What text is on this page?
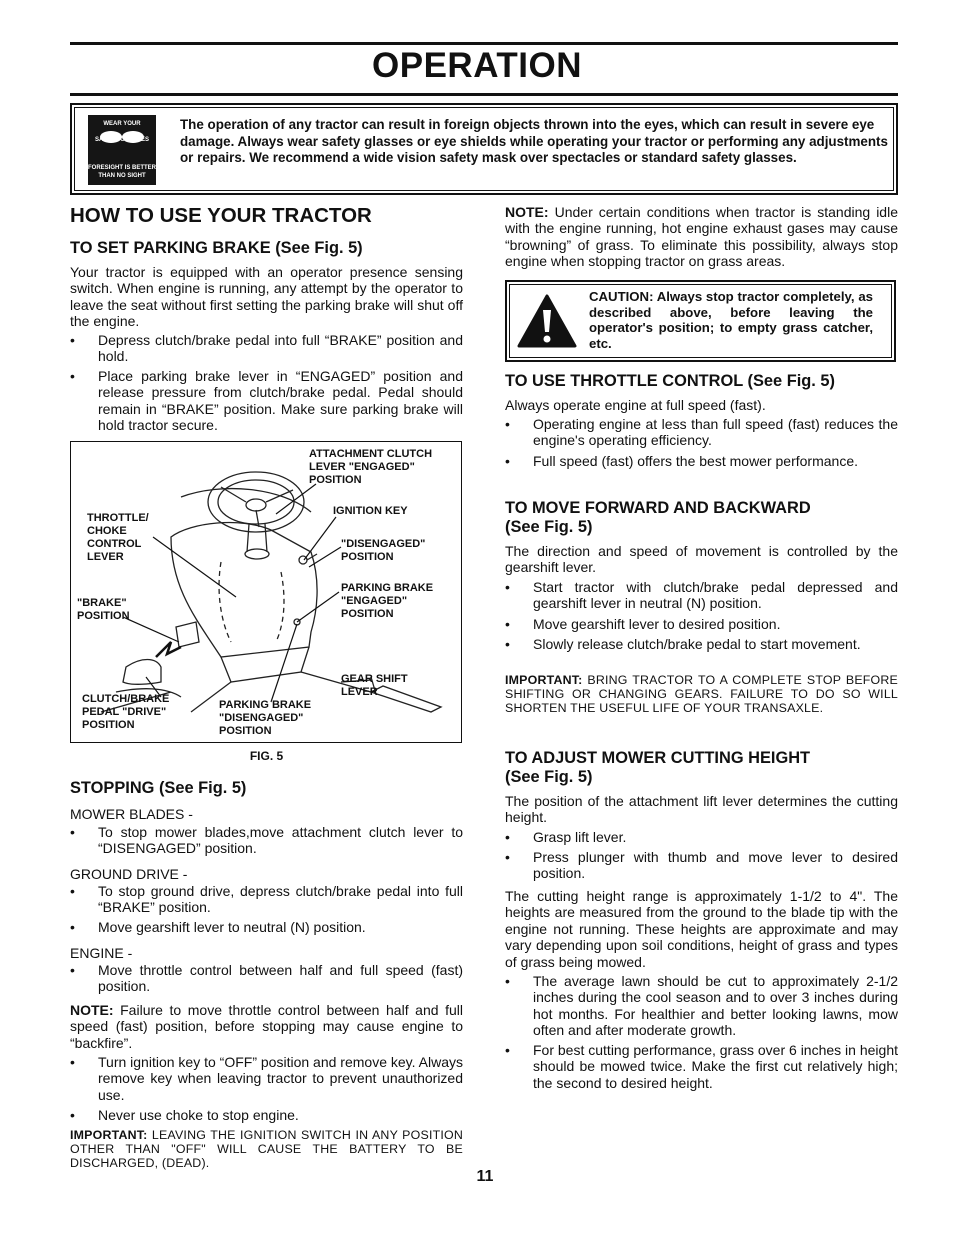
OPERATION
WEAR YOUR
SAFETY GLASSES
FORESIGHT IS BETTER
THAN NO SIGHT
The operation of any tractor can result in foreign objects thrown into the eyes, which can result in severe eye damage. Always wear safety glasses or eye shields while operating your tractor or performing any adjustments or repairs. We recommend a wide vision safety mask over spectacles or standard safety glasses.
HOW TO USE YOUR TRACTOR
TO SET PARKING BRAKE (See Fig. 5)
Your tractor is equipped with an operator presence sensing switch. When engine is running, any attempt by the operator to leave the seat without first setting the parking brake will shut off the engine.
• Depress clutch/brake pedal into full “BRAKE” position and hold.
• Place parking brake lever in “ENGAGED” position and release pressure from clutch/brake pedal. Pedal should remain in “BRAKE” position. Make sure parking brake will hold tractor secure.
ATTACHMENT CLUTCH
LEVER "ENGAGED"
POSITION
THROTTLE/
CHOKE
CONTROL
LEVER
IGNITION KEY
"DISENGAGED"
POSITION
"BRAKE"
POSITION
PARKING BRAKE
"ENGAGED"
POSITION
GEAR SHIFT
LEVER
CLUTCH/BRAKE
PEDAL "DRIVE"
POSITION
PARKING BRAKE
"DISENGAGED"
POSITION
FIG. 5
STOPPING (See Fig. 5)
MOWER BLADES -
• To stop mower blades,move attachment clutch lever to “DISENGAGED” position.
GROUND DRIVE -
• To stop ground drive, depress clutch/brake pedal into full “BRAKE” position.
• Move gearshift lever to neutral (N) position.
ENGINE -
• Move throttle control between half and full speed (fast) position.
NOTE: Failure to move throttle control between half and full speed (fast) position, before stopping may cause engine to “backfire”.
• Turn ignition key to “OFF” position and remove key. Always remove key when leaving tractor to prevent unauthorized use.
• Never use choke to stop engine.
IMPORTANT: LEAVING THE IGNITION SWITCH IN ANY POSITION OTHER THAN "OFF" WILL CAUSE THE BATTERY TO BE DISCHARGED, (DEAD).
NOTE: Under certain conditions when tractor is standing idle with the engine running, hot engine exhaust gases may cause “browning” of grass. To eliminate this possibility, always stop engine when stopping tractor on grass areas.
CAUTION: Always stop tractor completely, as described above, before leaving the operator's position; to empty grass catcher, etc.
TO USE THROTTLE CONTROL (See Fig. 5)
Always operate engine at full speed (fast).
• Operating engine at less than full speed (fast) reduces the engine's operating efficiency.
• Full speed (fast) offers the best mower performance.
TO MOVE FORWARD AND BACKWARD
(See Fig. 5)
The direction and speed of movement is controlled by the gearshift lever.
• Start tractor with clutch/brake pedal depressed and gearshift lever in neutral (N) position.
• Move gearshift lever to desired position.
• Slowly release clutch/brake pedal to start movement.
IMPORTANT: BRING TRACTOR TO A COMPLETE STOP BEFORE SHIFTING OR CHANGING GEARS. FAILURE TO DO SO WILL SHORTEN THE USEFUL LIFE OF YOUR TRANSAXLE.
TO ADJUST MOWER CUTTING HEIGHT
(See Fig. 5)
The position of the attachment lift lever determines the cutting height.
• Grasp lift lever.
• Press plunger with thumb and move lever to desired position.
The cutting height range is approximately 1-1/2 to 4". The heights are measured from the ground to the blade tip with the engine not running. These heights are approximate and may vary depending upon soil conditions, height of grass and types of grass being mowed.
• The average lawn should be cut to approximately 2-1/2 inches during the cool season and to over 3 inches during hot months. For healthier and better looking lawns, mow often and after moderate growth.
• For best cutting performance, grass over 6 inches in height should be mowed twice. Make the first cut relatively high; the second to desired height.
11
